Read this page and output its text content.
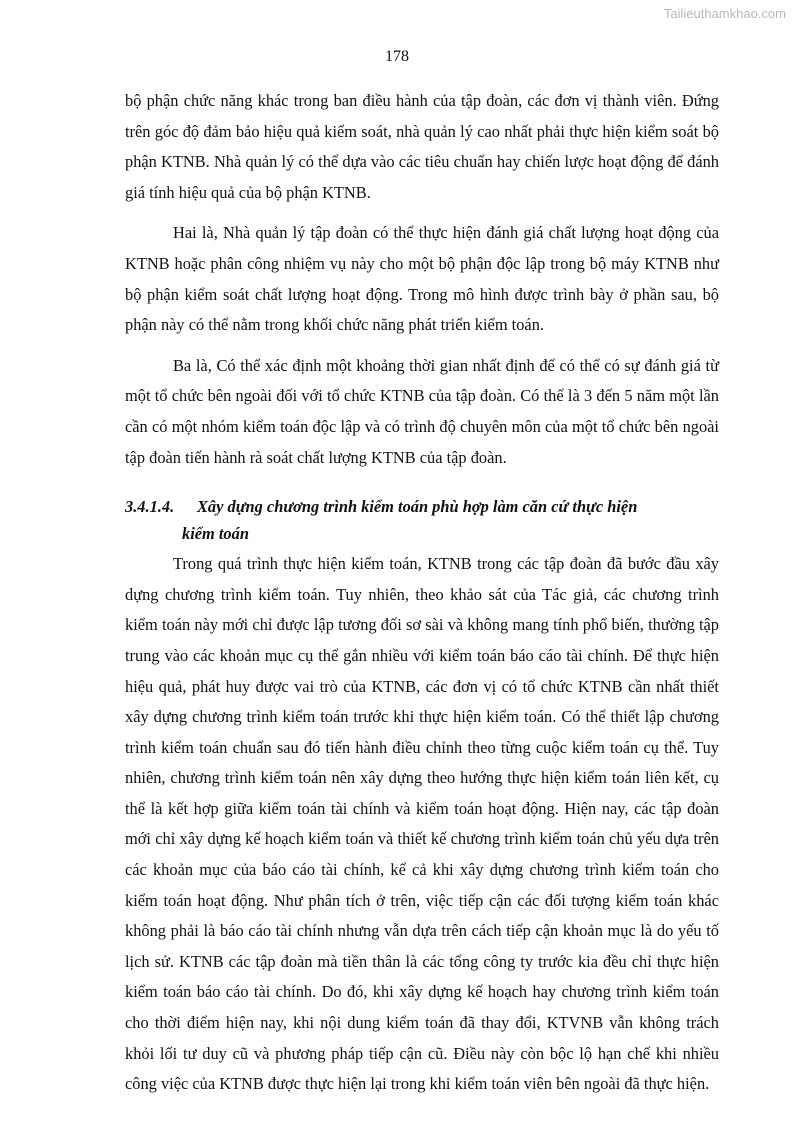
Tailieuthamkhao.com
178

bộ phận chức năng khác trong ban điều hành của tập đoàn, các đơn vị thành viên. Đứng trên góc độ đảm bảo hiệu quả kiểm soát, nhà quản lý cao nhất phải thực hiện kiểm soát bộ phận KTNB. Nhà quản lý có thể dựa vào các tiêu chuẩn hay chiến lược hoạt động để đánh giá tính hiệu quả của bộ phận KTNB.

Hai là, Nhà quản lý tập đoàn có thể thực hiện đánh giá chất lượng hoạt động của KTNB hoặc phân công nhiệm vụ này cho một bộ phận độc lập trong bộ máy KTNB như bộ phận kiểm soát chất lượng hoạt động. Trong mô hình được trình bày ở phần sau, bộ phận này có thể nằm trong khối chức năng phát triển kiểm toán.

Ba là, Có thể xác định một khoảng thời gian nhất định để có thể có sự đánh giá từ một tổ chức bên ngoài đối với tổ chức KTNB của tập đoàn. Có thể là 3 đến 5 năm một lần cần có một nhóm kiểm toán độc lập và có trình độ chuyên môn của một tổ chức bên ngoài tập đoàn tiến hành rà soát chất lượng KTNB của tập đoàn.

3.4.1.4.	Xây dựng chương trình kiểm toán phù hợp làm căn cứ thực hiện
kiểm toán

Trong quá trình thực hiện kiểm toán, KTNB trong các tập đoàn đã bước đầu xây dựng chương trình kiểm toán. Tuy nhiên, theo khảo sát của Tác giả, các chương trình kiểm toán này mới chỉ được lập tương đối sơ sài và không mang tính phổ biến, thường tập trung vào các khoản mục cụ thể gắn nhiều với kiểm toán báo cáo tài chính. Để thực hiện hiệu quả, phát huy được vai trò của KTNB, các đơn vị có tổ chức KTNB cần nhất thiết xây dựng chương trình kiểm toán trước khi thực hiện kiểm toán. Có thể thiết lập chương trình kiểm toán chuẩn sau đó tiến hành điều chỉnh theo từng cuộc kiểm toán cụ thể. Tuy nhiên, chương trình kiểm toán nên xây dựng theo hướng thực hiện kiểm toán liên kết, cụ thể là kết hợp giữa kiểm toán tài chính và kiểm toán hoạt động. Hiện nay, các tập đoàn mới chỉ xây dựng kế hoạch kiểm toán và thiết kế chương trình kiểm toán chủ yếu dựa trên các khoản mục của báo cáo tài chính, kể cả khi xây dựng chương trình kiểm toán cho kiểm toán hoạt động. Như phân tích ở trên, việc tiếp cận các đối tượng kiểm toán khác không phải là báo cáo tài chính nhưng vẫn dựa trên cách tiếp cận khoản mục là do yếu tố lịch sử. KTNB các tập đoàn mà tiền thân là các tổng công ty trước kia đều chỉ thực hiện kiểm toán báo cáo tài chính. Do đó, khi xây dựng kế hoạch hay chương trình kiểm toán cho thời điểm hiện nay, khi nội dung kiểm toán đã thay đổi, KTVNB vẫn không trách khỏi lối tư duy cũ và phương pháp tiếp cận cũ. Điều này còn bộc lộ hạn chế khi nhiều công việc của KTNB được thực hiện lại trong khi kiểm toán viên bên ngoài đã thực hiện.
